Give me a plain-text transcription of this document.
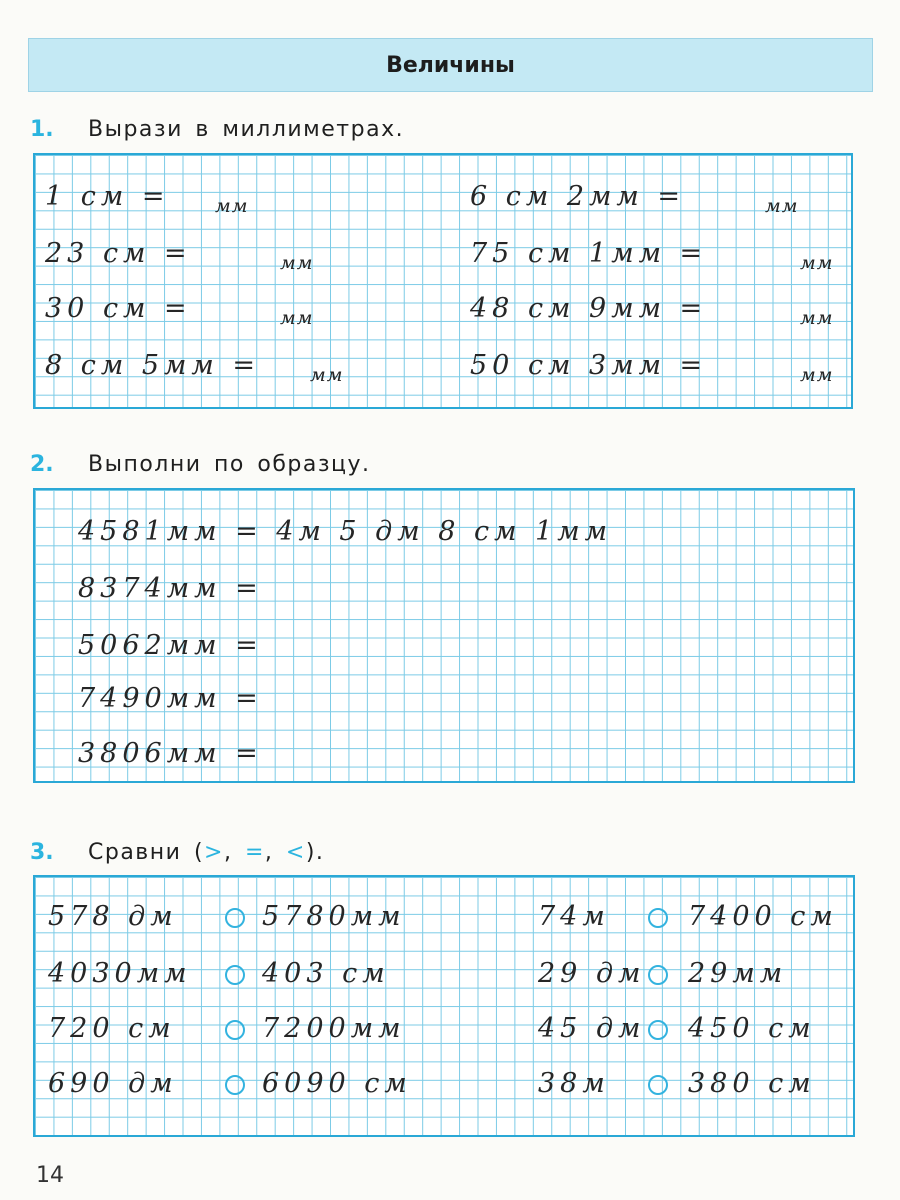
Величины
1.	Вырази в миллиметрах.
1 см = мм
23 см =	мм
30 см =	мм
8 см 5мм =	мм
6 см 2мм =	мм
75 см 1мм =	мм
48 см 9мм =	мм
50 см 3мм =	мм
2.	Выполни по образцу.
4581мм = 4м 5 дм 8 см 1мм
8374мм =
5062мм =
7490мм =
3806мм =
3.	Сравни (>, =, <).
578 дм	5780мм
4030мм	403 см
720 см	7200мм
690 дм	6090 см
74м	7400 см
29 дм 29мм
45 дм 450 см
38м	380 см
14
